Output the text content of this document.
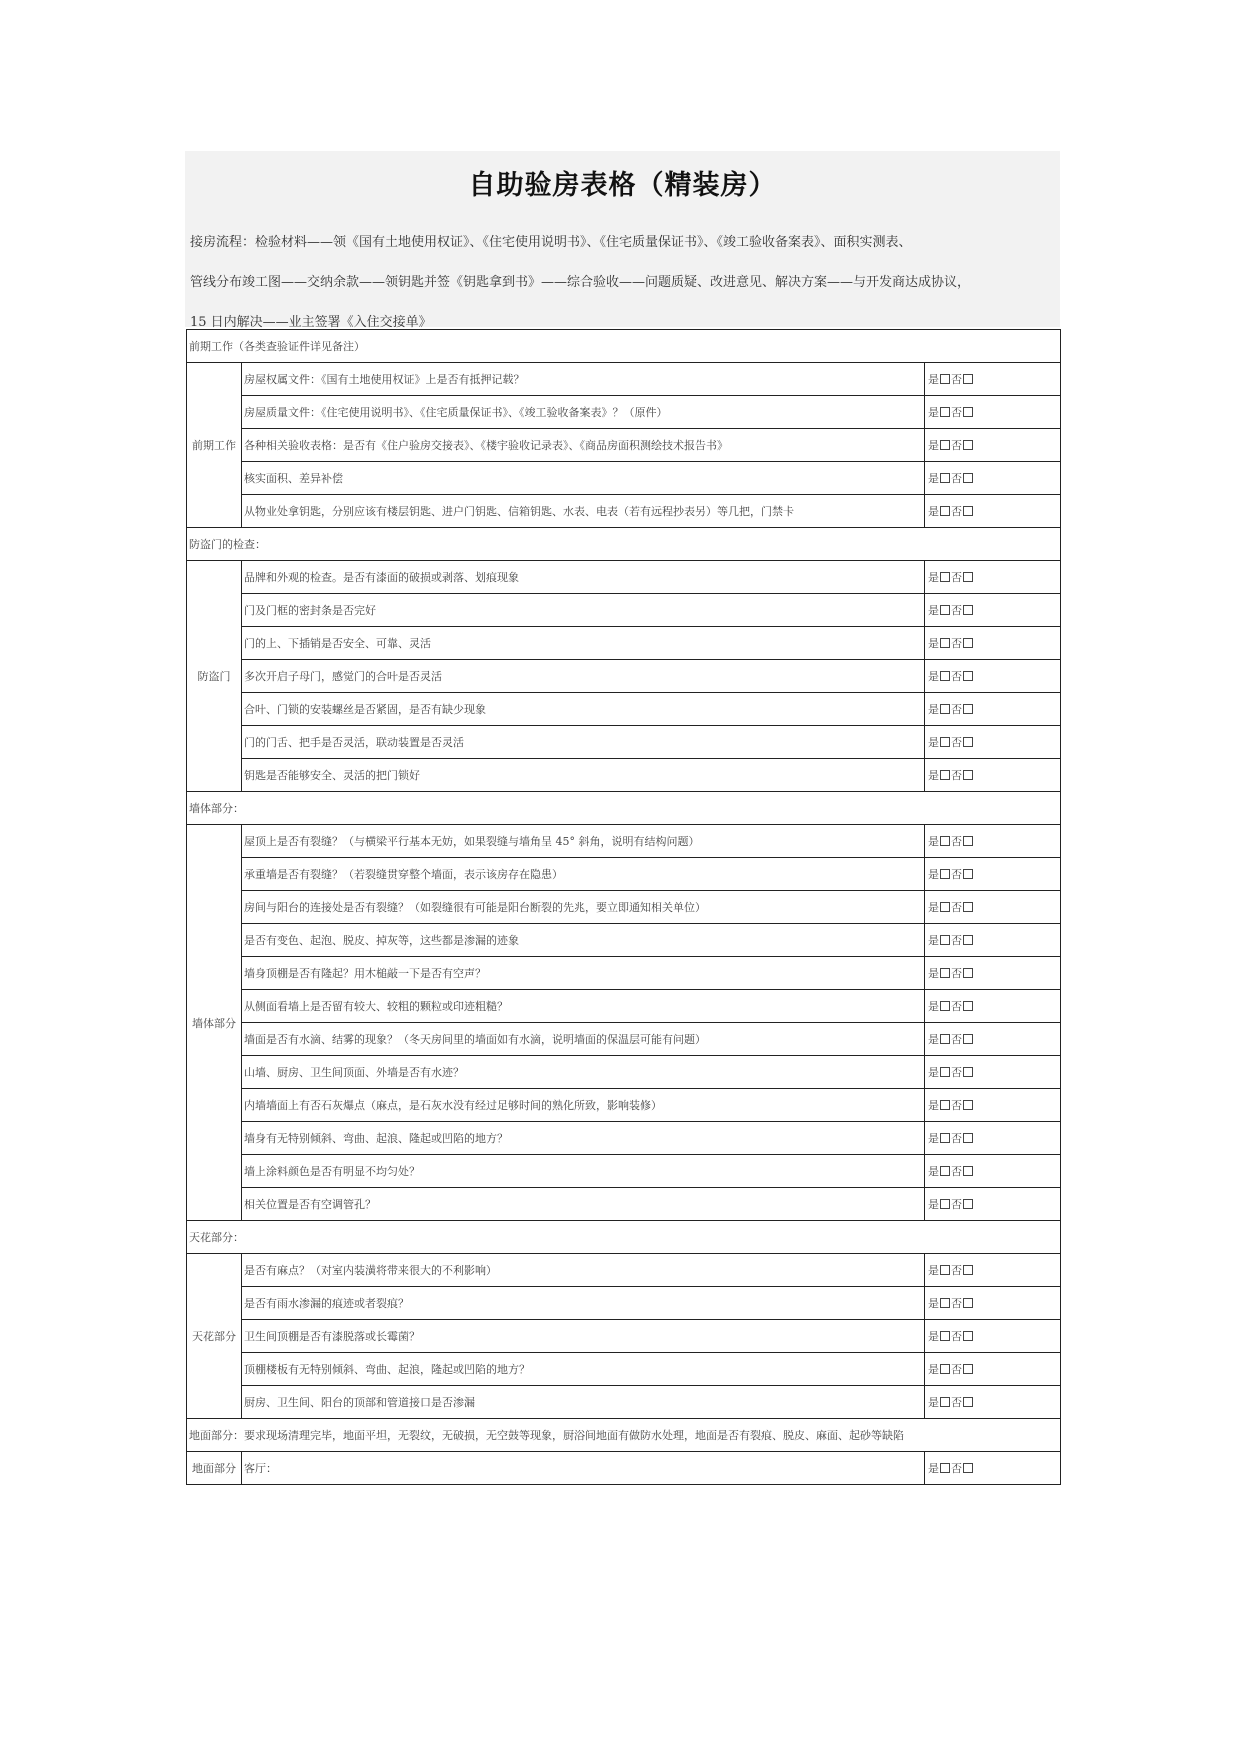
自助验房表格（精装房）
接房流程：检验材料——领《国有土地使用权证》、《住宅使用说明书》、《住宅质量保证书》、《竣工验收备案表》、面积实测表、
管线分布竣工图——交纳余款——领钥匙并签《钥匙拿到书》——综合验收——问题质疑、改进意见、解决方案——与开发商达成协议，
15 日内解决——业主签署《入住交接单》
前期工作（各类查验证件详见备注）		
前期工作	房屋权属文件：《国有土地使用权证》上是否有抵押记载？	是 否
	房屋质量文件：《住宅使用说明书》、《住宅质量保证书》、《竣工验收备案表》？（原件）	是 否
	各种相关验收表格：是否有《住户验房交接表》、《楼宇验收记录表》、《商品房面积测绘技术报告书》	是 否
	核实面积、差异补偿	是 否
	从物业处拿钥匙，分别应该有楼层钥匙、进户门钥匙、信箱钥匙、水表、电表（若有远程抄表另）等几把，门禁卡	是 否
防盗门的检查：		
防盗门	品牌和外观的检查。是否有漆面的破损或剥落、划痕现象	是 否
	门及门框的密封条是否完好	是 否
	门的上、下插销是否安全、可靠、灵活	是 否
	多次开启子母门，感觉门的合叶是否灵活	是 否
	合叶、门锁的安装螺丝是否紧固，是否有缺少现象	是 否
	门的门舌、把手是否灵活，联动装置是否灵活	是 否
	钥匙是否能够安全、灵活的把门锁好	是 否
墙体部分：		
墙体部分	屋顶上是否有裂缝？（与横梁平行基本无妨，如果裂缝与墙角呈 45° 斜角，说明有结构问题）	是 否
	承重墙是否有裂缝？（若裂缝贯穿整个墙面，表示该房存在隐患）	是 否
	房间与阳台的连接处是否有裂缝？（如裂缝很有可能是阳台断裂的先兆，要立即通知相关单位）	是 否
	是否有变色、起泡、脱皮、掉灰等，这些都是渗漏的迹象	是 否
	墙身顶棚是否有隆起？用木槌敲一下是否有空声？	是 否
	从侧面看墙上是否留有较大、较粗的颗粒或印迹粗糙？	是 否
	墙面是否有水滴、结雾的现象？（冬天房间里的墙面如有水滴，说明墙面的保温层可能有问题）	是 否
	山墙、厨房、卫生间顶面、外墙是否有水迹？	是 否
	内墙墙面上有否石灰爆点（麻点，是石灰水没有经过足够时间的熟化所致，影响装修）	是 否
	墙身有无特别倾斜、弯曲、起浪、隆起或凹陷的地方？	是 否
	墙上涂料颜色是否有明显不均匀处？	是 否
	相关位置是否有空调管孔？	是 否
天花部分：		
天花部分	是否有麻点？（对室内装潢将带来很大的不利影响）	是 否
	是否有雨水渗漏的痕迹或者裂痕？	是 否
	卫生间顶棚是否有漆脱落或长霉菌？	是 否
	顶棚楼板有无特别倾斜、弯曲、起浪，隆起或凹陷的地方？	是 否
	厨房、卫生间、阳台的顶部和管道接口是否渗漏	是 否
地面部分：要求现场清理完毕，地面平坦，无裂纹，无破损，无空鼓等现象，厨浴间地面有做防水处理，地面是否有裂痕、脱皮、麻面、起砂等缺陷		
地面部分	客厅：	是 否
